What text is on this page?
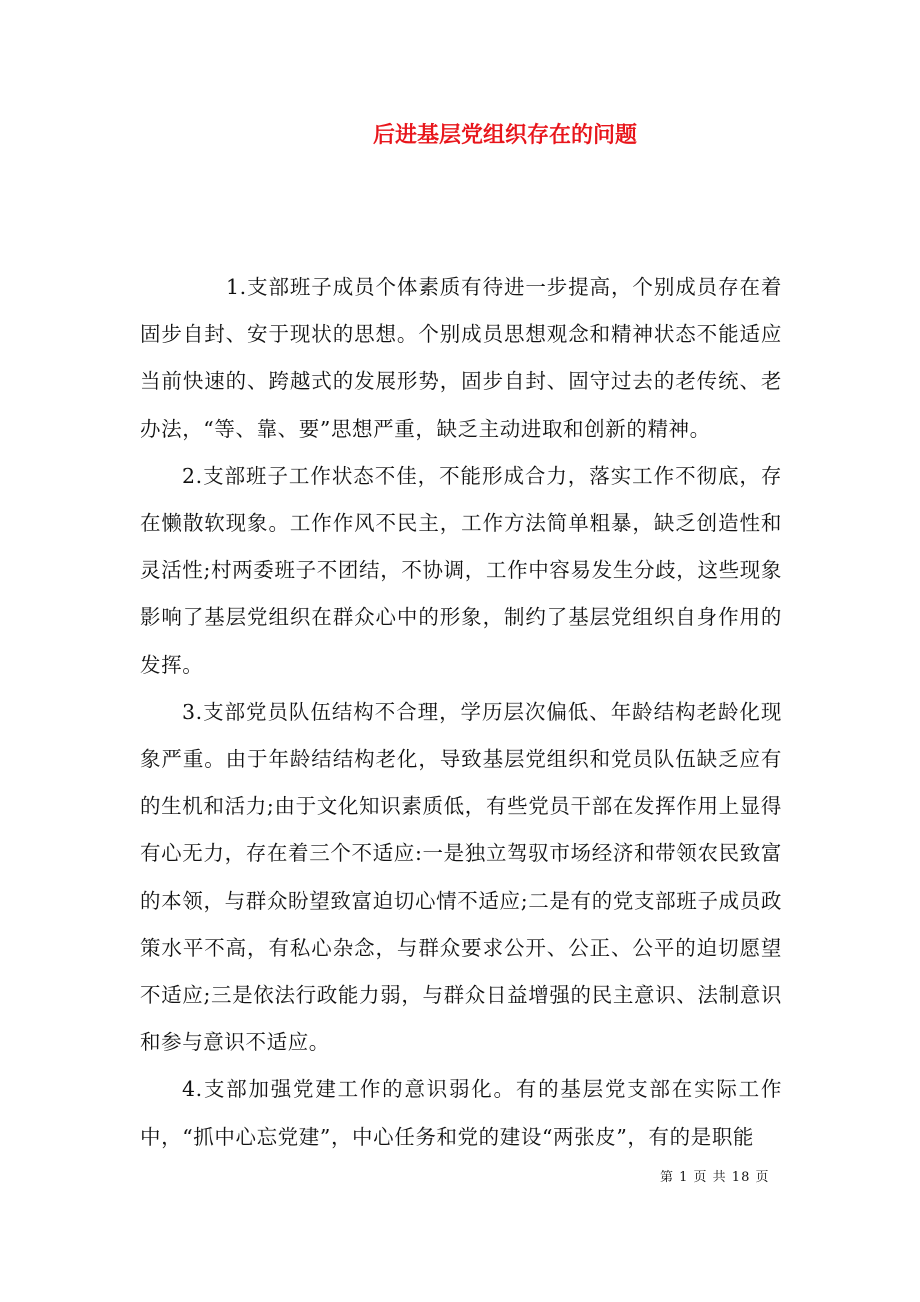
后进基层党组织存在的问题

1.支部班子成员个体素质有待进一步提高，个别成员存在着固步自封、安于现状的思想。个别成员思想观念和精神状态不能适应当前快速的、跨越式的发展形势，固步自封、固守过去的老传统、老办法，“等、靠、要”思想严重，缺乏主动进取和创新的精神。

2.支部班子工作状态不佳，不能形成合力，落实工作不彻底，存在懒散软现象。工作作风不民主，工作方法简单粗暴，缺乏创造性和灵活性;村两委班子不团结，不协调，工作中容易发生分歧，这些现象影响了基层党组织在群众心中的形象，制约了基层党组织自身作用的发挥。

3.支部党员队伍结构不合理，学历层次偏低、年龄结构老龄化现象严重。由于年龄结结构老化，导致基层党组织和党员队伍缺乏应有的生机和活力;由于文化知识素质低，有些党员干部在发挥作用上显得有心无力，存在着三个不适应:一是独立驾驭市场经济和带领农民致富的本领，与群众盼望致富迫切心情不适应;二是有的党支部班子成员政策水平不高，有私心杂念，与群众要求公开、公正、公平的迫切愿望不适应;三是依法行政能力弱，与群众日益增强的民主意识、法制意识和参与意识不适应。

4.支部加强党建工作的意识弱化。有的基层党支部在实际工作中，“抓中心忘党建”，中心任务和党的建设“两张皮”，有的是职能

第 1 页 共 18 页
